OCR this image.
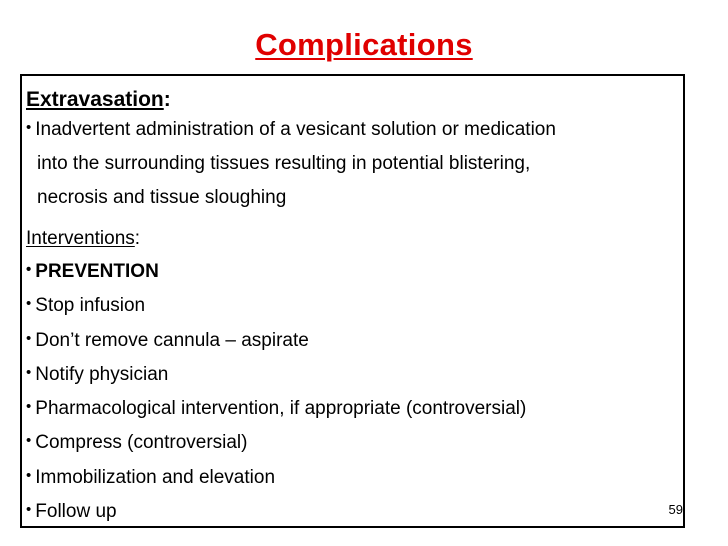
Complications
Extravasation:
• Inadvertent administration of a vesicant solution or medication
into the surrounding tissues resulting in potential blistering,
necrosis and tissue sloughing
Interventions:
• PREVENTION
• Stop infusion
• Don’t remove cannula – aspirate
• Notify physician
• Pharmacological intervention, if appropriate (controversial)
• Compress (controversial)
• Immobilization and elevation
• Follow up	59
